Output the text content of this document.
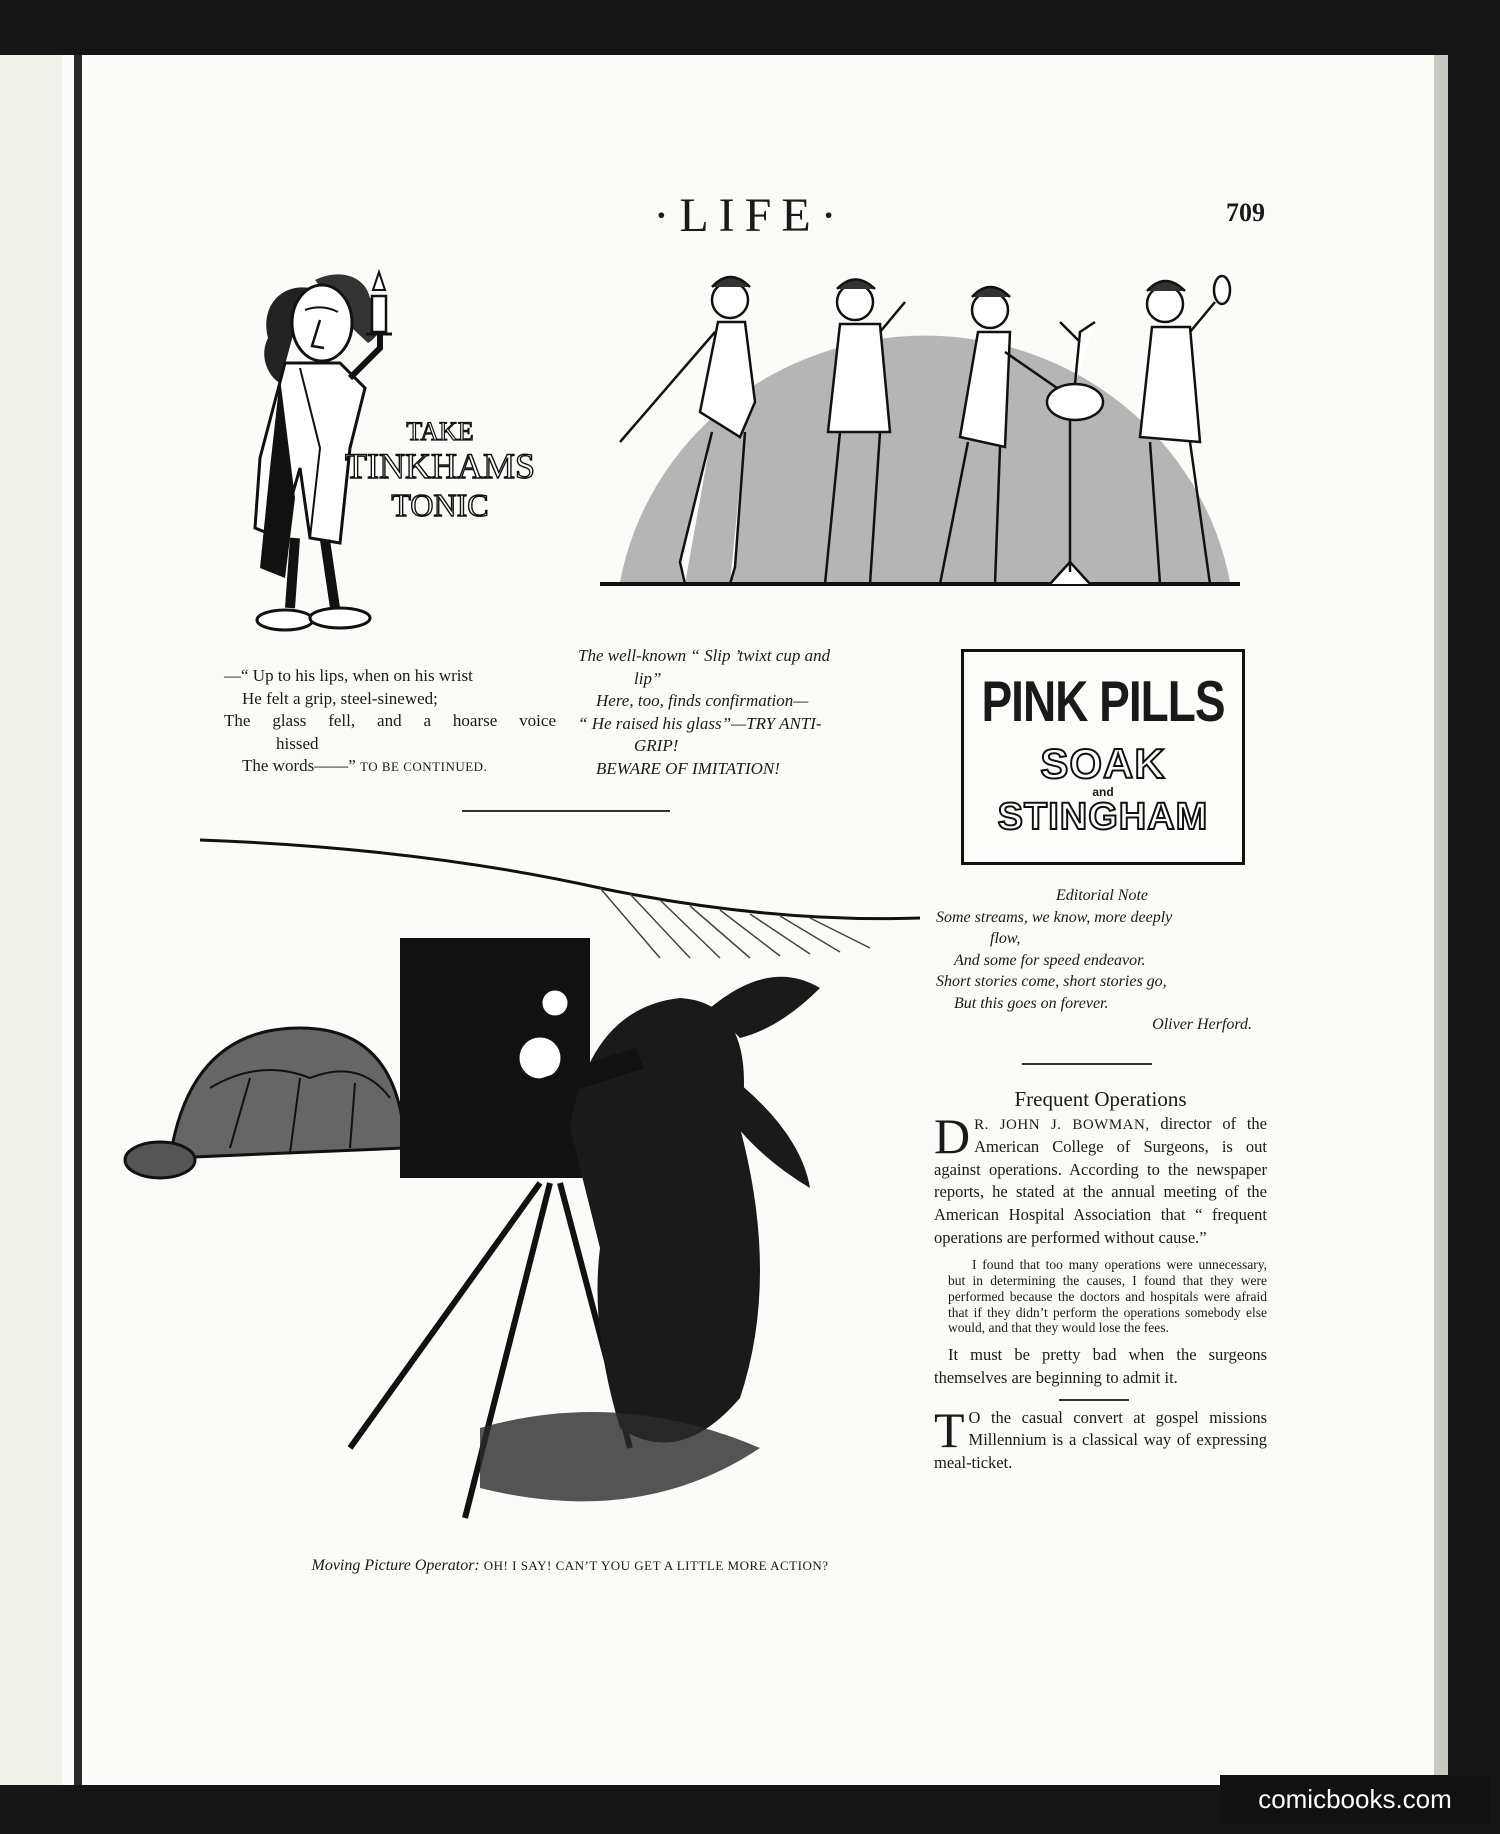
·LIFE·	709
TAKE
TINKHAMS
TONIC
—“ Up to his lips, when on his wrist
He felt a grip, steel-sinewed;
The glass fell, and a hoarse voice
hissed
The words——” TO BE CONTINUED.
The well-known “ Slip ’twixt cup and
lip”
Here, too, finds confirmation—
“ He raised his glass”—TRY ANTI-
GRIP!
BEWARE OF IMITATION!
PINK PILLS
SOAK
and
STINGHAM
Editorial Note
Some streams, we know, more deeply
flow,
And some for speed endeavor.
Short stories come, short stories go,
But this goes on forever.
Oliver Herford.
Frequent Operations

D R. JOHN J. BOWMAN, director of the American College of Surgeons, is out against operations. According to the newspaper reports, he stated at the annual meeting of the American Hospital Association that “ frequent operations are performed without cause.”

I found that too many operations were unnecessary, but in determining the causes, I found that they were performed because the doctors and hospitals were afraid that if they didn’t perform the operations somebody else would, and that they would lose the fees.

It must be pretty bad when the surgeons themselves are beginning to admit it.

T O the casual convert at gospel missions Millennium is a classical way of expressing meal-ticket.

Moving Picture Operator: OH! I SAY! CAN’T YOU GET A LITTLE MORE ACTION?
comicbooks.com
